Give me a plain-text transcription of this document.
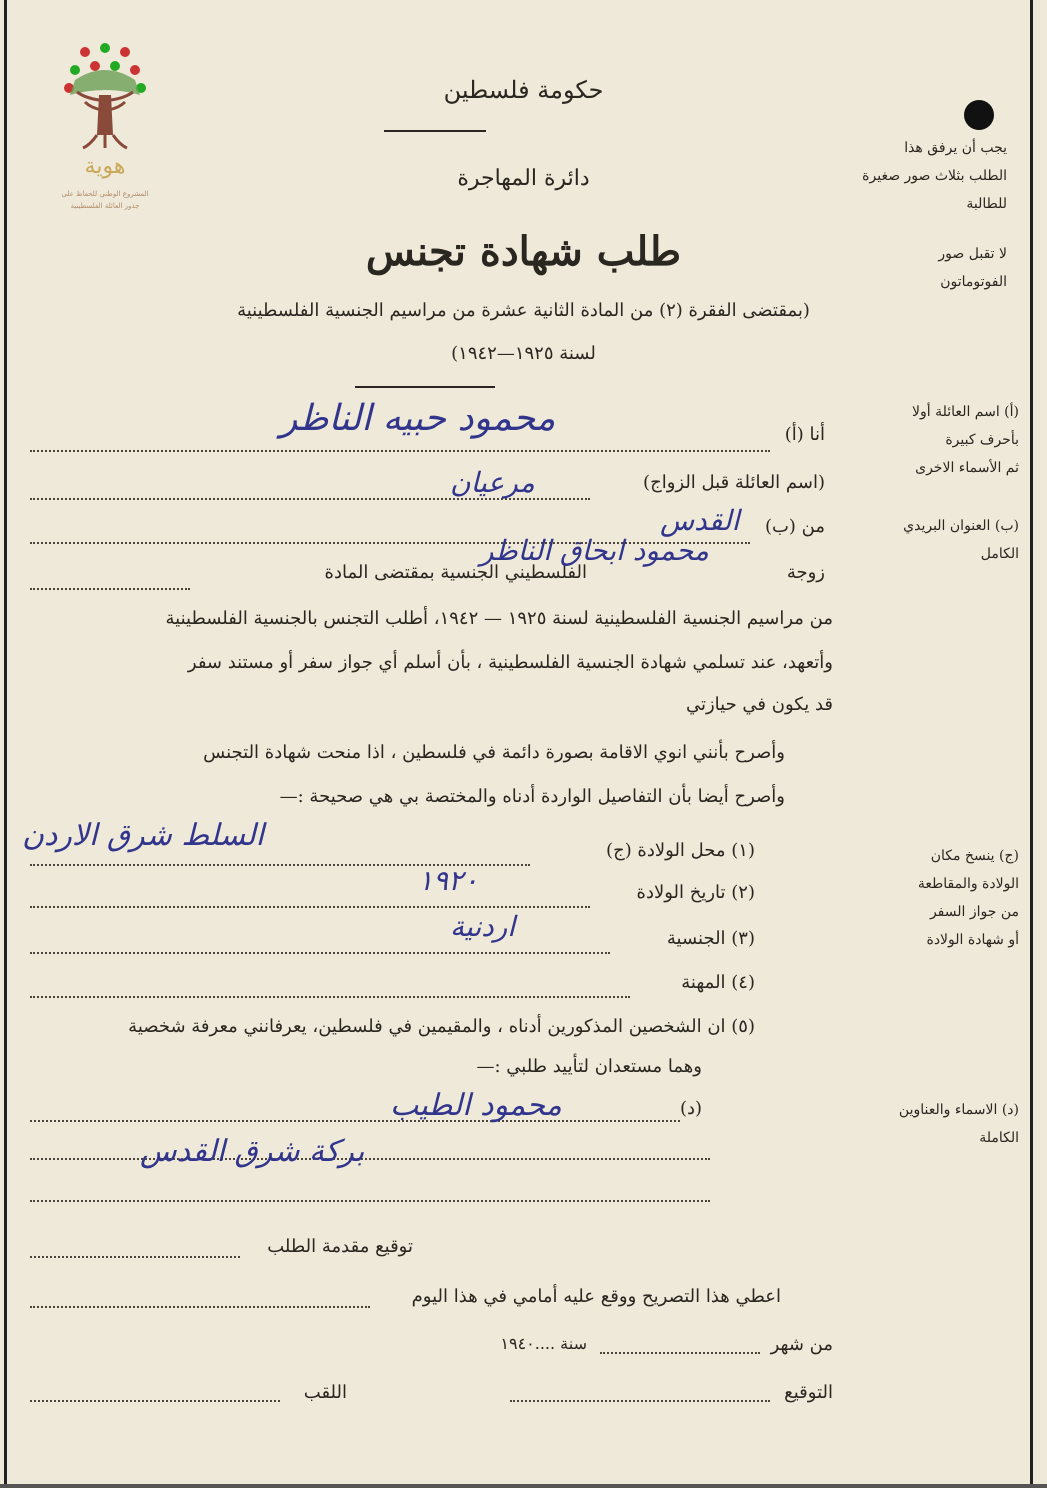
هوية
المشروع الوطني للحفاظ على
جذور العائلة الفلسطينية
حكومة فلسطين
دائرة المهاجرة
طلب شهادة تجنس
(بمقتضى الفقرة (٢) من المادة الثانية عشرة من مراسيم الجنسية الفلسطينية
لسنة ١٩٢٥—١٩٤٢)
يجب أن يرفق هذا
الطلب بثلاث صور صغيرة
للطالبة
لا تقبل صور
الفوتوماتون
(أ) اسم العائلة أولا
بأحرف كبيرة
ثم الأسماء الاخرى
(ب) العنوان البريدي
الكامل
(ج) ينسخ مكان
الولادة والمقاطعة
من جواز السفر
أو شهادة الولادة
(د) الاسماء والعناوين
الكاملة
أنا (أ)
محمود حبيه الناظر
(اسم العائلة قبل الزواج)
مرعيان
من (ب)
القدس
زوجة
الفلسطيني الجنسية بمقتضى المادة
محمود ابحاق الناظر
من مراسيم الجنسية الفلسطينية لسنة ١٩٢٥ — ١٩٤٢، أطلب التجنس بالجنسية الفلسطينية
وأتعهد، عند تسلمي شهادة الجنسية الفلسطينية ، بأن أسلم أي جواز سفر أو مستند سفر
قد يكون في حيازتي
وأصرح بأنني انوي الاقامة بصورة دائمة في فلسطين ، اذا منحت شهادة التجنس
وأصرح أيضا بأن التفاصيل الواردة أدناه والمختصة بي هي صحيحة :—
(١) محل الولادة (ج)
السلط شرق الاردن
(٢) تاريخ الولادة
١٩٢٠
(٣) الجنسية
اردنية
(٤) المهنة
(٥) ان الشخصين المذكورين أدناه ، والمقيمين في فلسطين، يعرفانني معرفة شخصية
وهما مستعدان لتأييد طلبي :—
(د)
محمود الطيب
بركة شرق القدس
توقيع مقدمة الطلب
اعطي هذا التصريح ووقع عليه أمامي في هذا اليوم
من شهر
سنة ....١٩٤٠
التوقيع
اللقب
